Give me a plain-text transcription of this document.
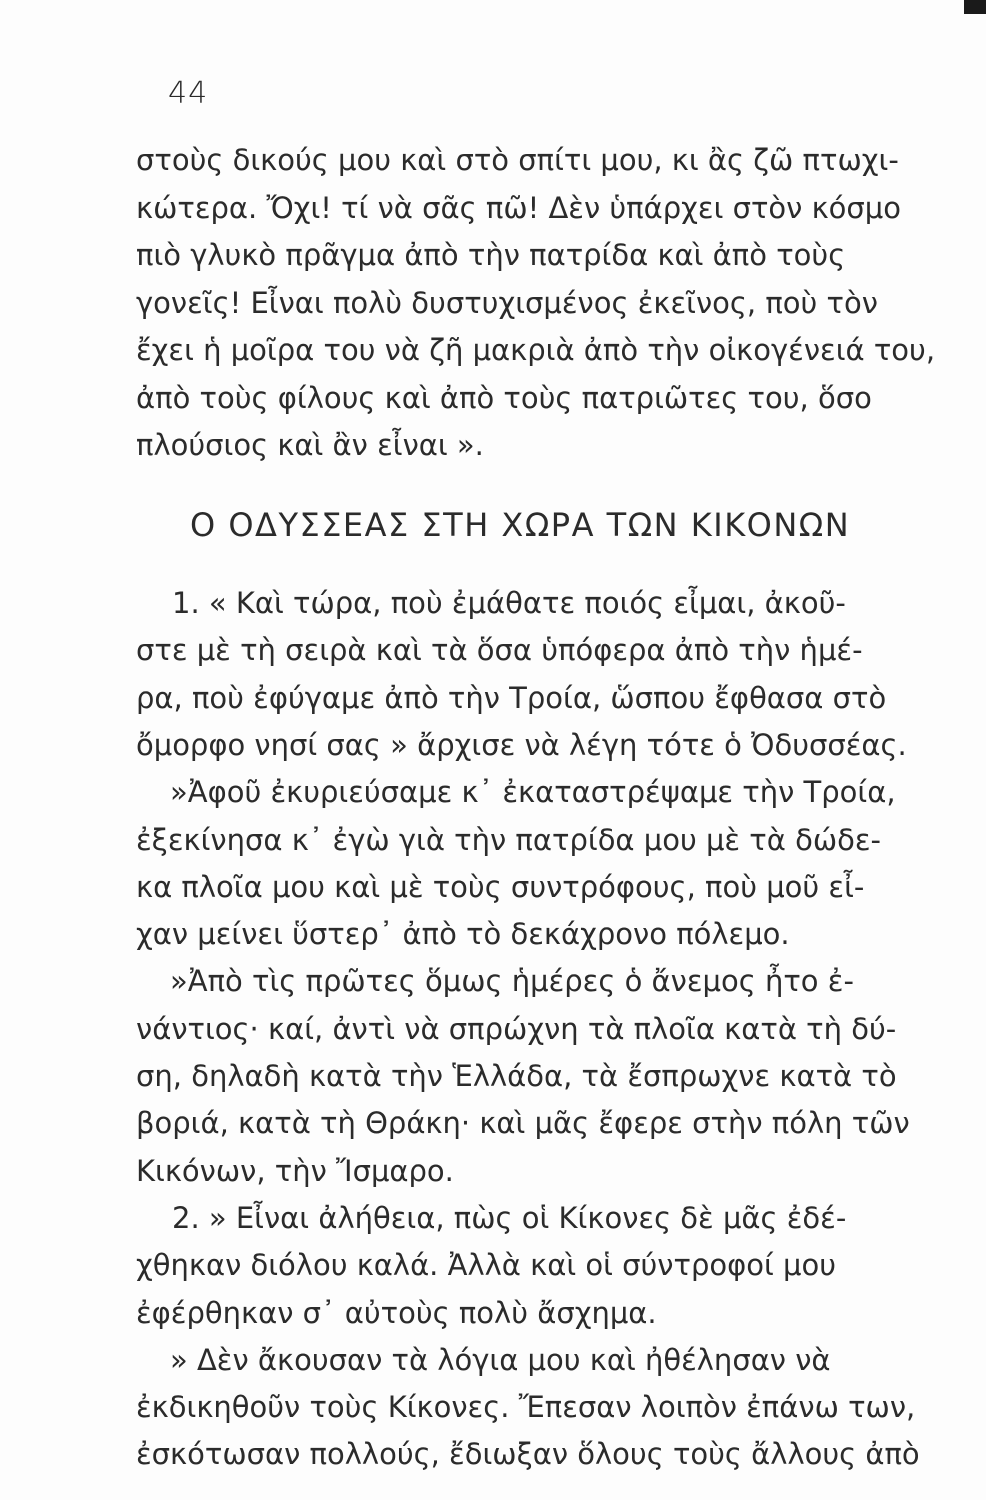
44
στοὺς δικούς μου καὶ στὸ σπίτι μου, κι ἂς ζῶ πτωχι-
κώτερα. Ὄχι! τί νὰ σᾶς πῶ! Δὲν ὑπάρχει στὸν κόσμο
πιὸ γλυκὸ πρᾶγμα ἀπὸ τὴν πατρίδα καὶ ἀπὸ τοὺς
γονεῖς! Εἶναι πολὺ δυστυχισμένος ἐκεῖνος, ποὺ τὸν
ἔχει ἡ μοῖρα του νὰ ζῆ μακριὰ ἀπὸ τὴν οἰκογένειά του,
ἀπὸ τοὺς φίλους καὶ ἀπὸ τοὺς πατριῶτες του, ὅσο
πλούσιος καὶ ἂν εἶναι ».
Ο ΟΔΥΣΣΕΑΣ ΣΤΗ ΧΩΡΑ ΤΩΝ ΚΙΚΟΝΩΝ
1. « Καὶ τώρα, ποὺ ἐμάθατε ποιός εἶμαι, ἀκοῦ-
στε μὲ τὴ σειρὰ καὶ τὰ ὅσα ὑπόφερα ἀπὸ τὴν ἡμέ-
ρα, ποὺ ἐφύγαμε ἀπὸ τὴν Τροία, ὥσπου ἔφθασα στὸ
ὄμορφο νησί σας » ἄρχισε νὰ λέγη τότε ὁ Ὀδυσσέας.
»Ἀφοῦ ἐκυριεύσαμε κ᾽ ἐκαταστρέψαμε τὴν Τροία,
ἐξεκίνησα κ᾽ ἐγὼ γιὰ τὴν πατρίδα μου μὲ τὰ δώδε-
κα πλοῖα μου καὶ μὲ τοὺς συντρόφους, ποὺ μοῦ εἶ-
χαν μείνει ὕστερ᾽ ἀπὸ τὸ δεκάχρονο πόλεμο.
»Ἀπὸ τὶς πρῶτες ὅμως ἡμέρες ὁ ἄνεμος ἦτο ἐ-
νάντιος· καί, ἀντὶ νὰ σπρώχνη τὰ πλοῖα κατὰ τὴ δύ-
ση, δηλαδὴ κατὰ τὴν Ἑλλάδα, τὰ ἔσπρωχνε κατὰ τὸ
βοριά, κατὰ τὴ Θράκη· καὶ μᾶς ἔφερε στὴν πόλη τῶν
Κικόνων, τὴν Ἴσμαρο.
2. » Εἶναι ἀλήθεια, πὼς οἱ Κίκονες δὲ μᾶς ἐδέ-
χθηκαν διόλου καλά. Ἀλλὰ καὶ οἱ σύντροφοί μου
ἐφέρθηκαν σ᾽ αὐτοὺς πολὺ ἄσχημα.
» Δὲν ἄκουσαν τὰ λόγια μου καὶ ἠθέλησαν νὰ
ἐκδικηθοῦν τοὺς Κίκονες. Ἔπεσαν λοιπὸν ἐπάνω των,
ἐσκότωσαν πολλούς, ἔδιωξαν ὅλους τοὺς ἄλλους ἀπὸ
